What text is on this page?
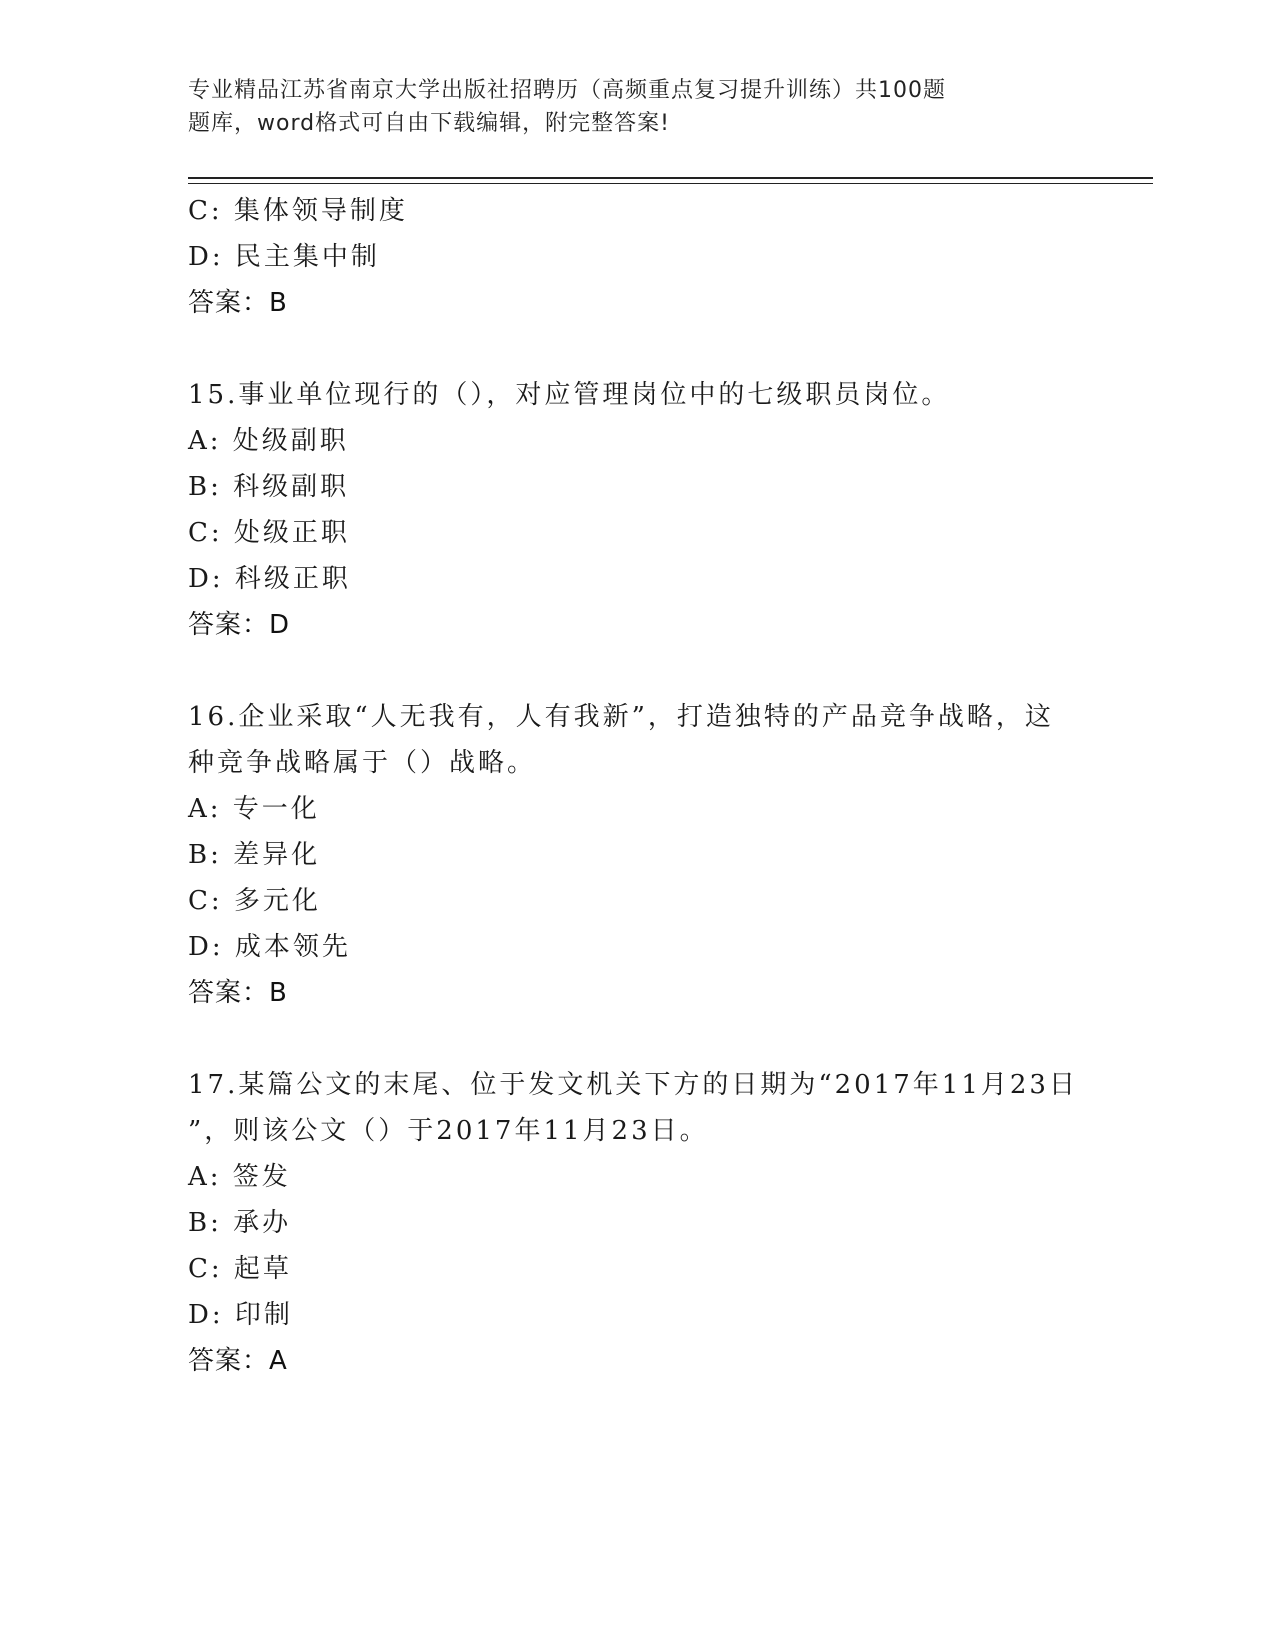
专业精品江苏省南京大学出版社招聘历（高频重点复习提升训练）共100题
题库，word格式可自由下载编辑，附完整答案!
C: 集体领导制度
D: 民主集中制
答案：B
15.事业单位现行的（），对应管理岗位中的七级职员岗位。
A: 处级副职
B: 科级副职
C: 处级正职
D: 科级正职
答案：D
16.企业采取“人无我有，人有我新”，打造独特的产品竞争战略，这
种竞争战略属于（）战略。
A: 专一化
B: 差异化
C: 多元化
D: 成本领先
答案：B
17.某篇公文的末尾、位于发文机关下方的日期为“2017年11月23日
”，则该公文（）于2017年11月23日。
A: 签发
B: 承办
C: 起草
D: 印制
答案：A
